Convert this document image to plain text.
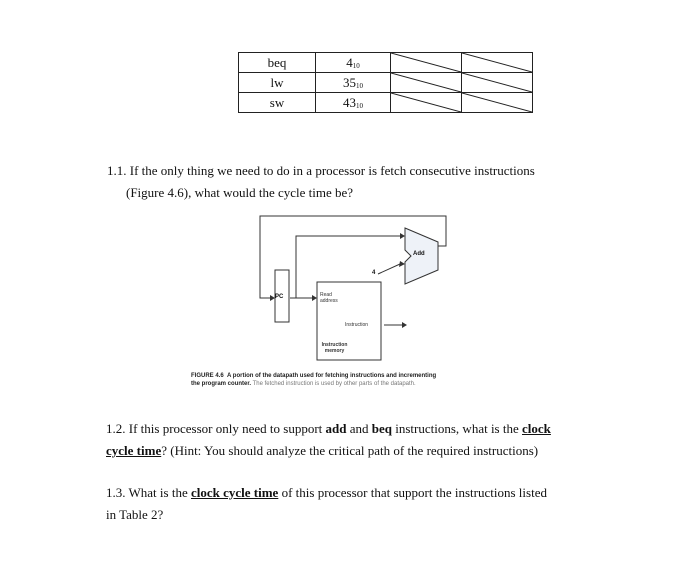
beq	410	

lw	3510	

sw	4310	

1.1. If the only thing we need to do in a processor is fetch consecutive instructions
(Figure 4.6), what would the cycle time be?
PC
Add
4
Read
address
Instruction
Instruction
memory
FIGURE 4.6 A portion of the datapath used for fetching instructions and incrementing
the program counter. The fetched instruction is used by other parts of the datapath.
1.2. If this processor only need to support add and beq instructions, what is the clock
cycle time? (Hint: You should analyze the critical path of the required instructions)
1.3. What is the clock cycle time of this processor that support the instructions listed
in Table 2?
